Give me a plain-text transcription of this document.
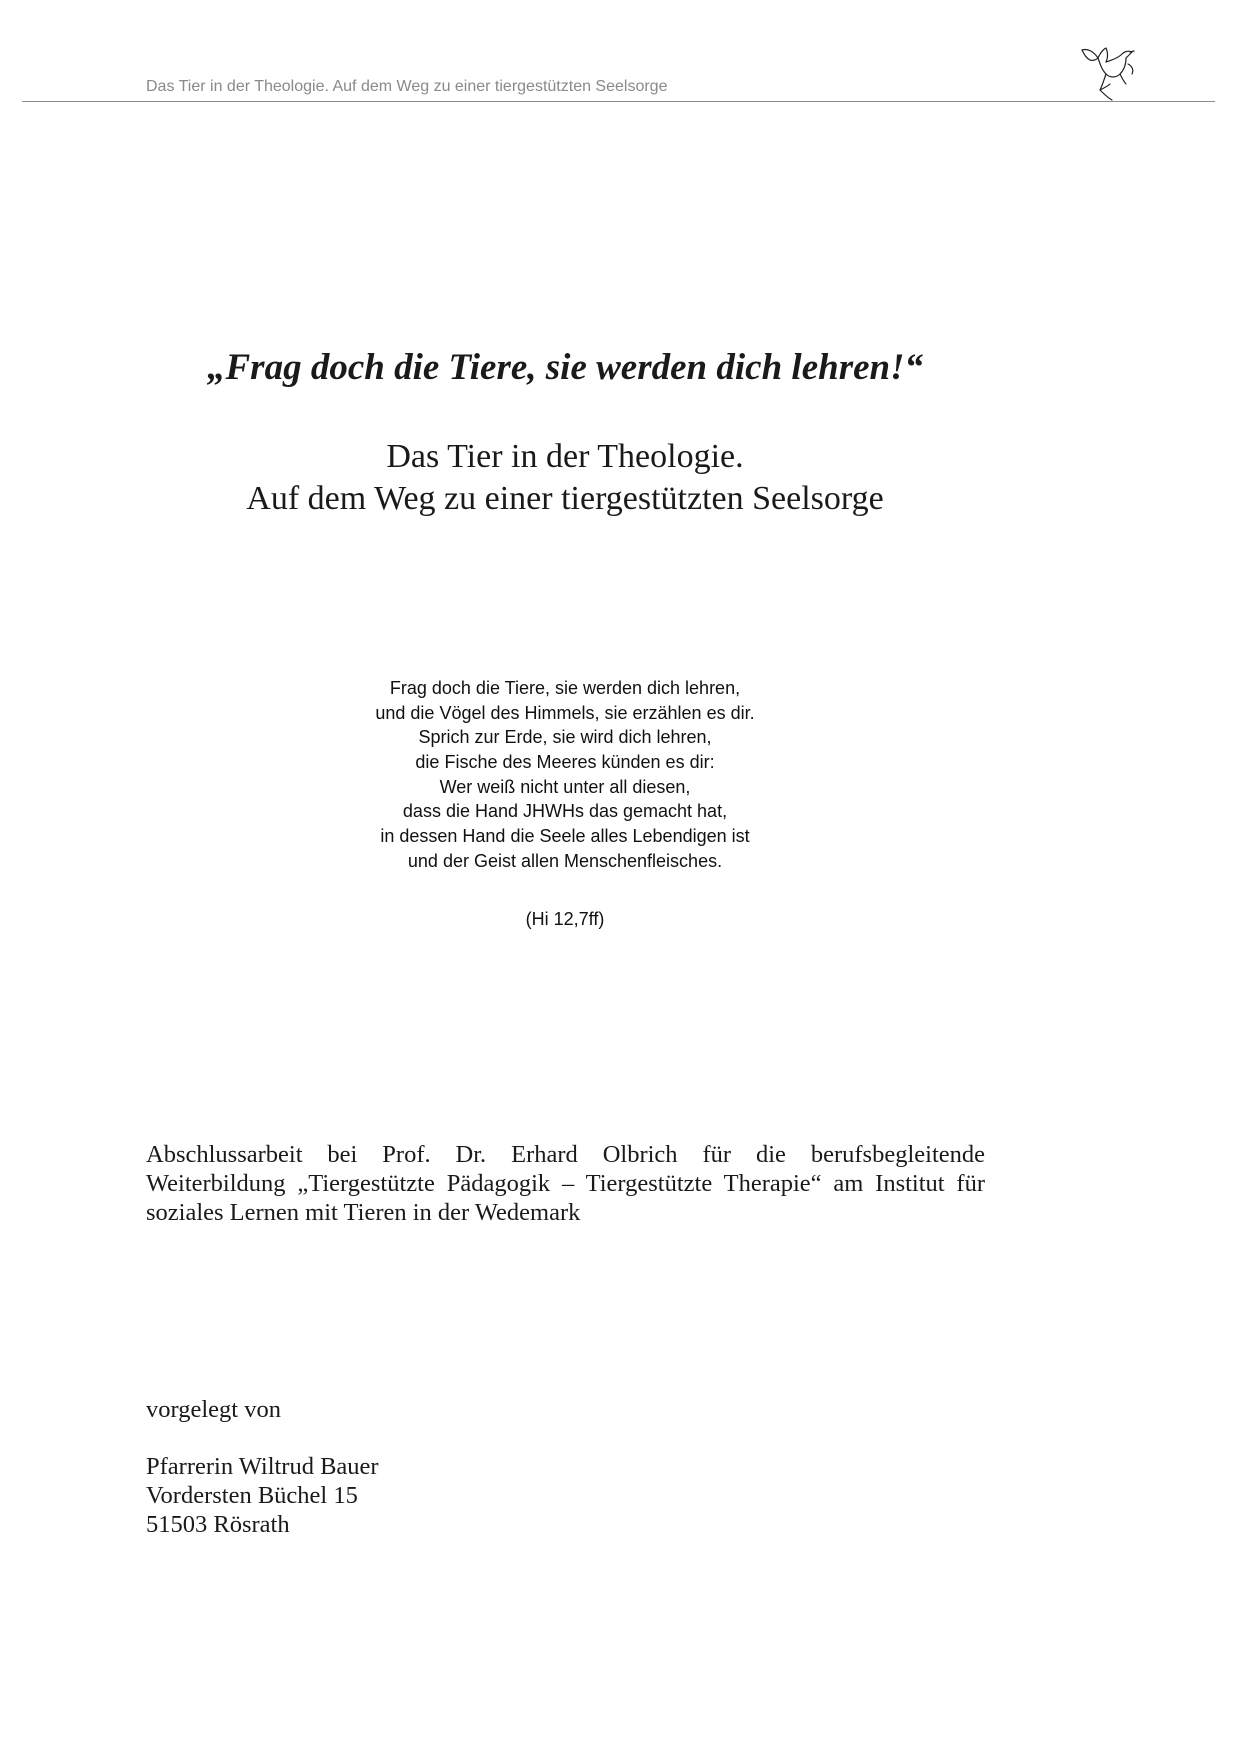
Das Tier in der Theologie. Auf dem Weg zu einer tiergestützten Seelsorge
„Frag doch die Tiere, sie werden dich lehren!“
Das Tier in der Theologie.
Auf dem Weg zu einer tiergestützten Seelsorge
Frag doch die Tiere, sie werden dich lehren,
und die Vögel des Himmels, sie erzählen es dir.
Sprich zur Erde, sie wird dich lehren,
die Fische des Meeres künden es dir:
Wer weiß nicht unter all diesen,
dass die Hand JHWHs das gemacht hat,
in dessen Hand die Seele alles Lebendigen ist
und der Geist allen Menschenfleisches.
(Hi 12,7ff)
Abschlussarbeit bei Prof. Dr. Erhard Olbrich für die berufsbegleitende
Weiterbildung „Tiergestützte Pädagogik – Tiergestützte Therapie“ am Institut für
soziales Lernen mit Tieren in der Wedemark
vorgelegt von
Pfarrerin Wiltrud Bauer
Vordersten Büchel 15
51503 Rösrath
